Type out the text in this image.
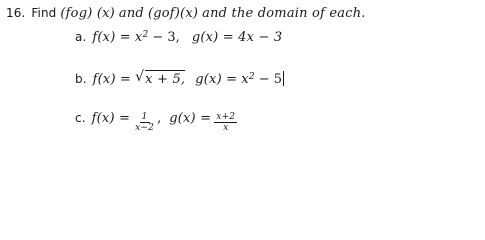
16. Find (fog) (x) and (gof)(x) and the domain of each.
a. $f(x) = x^2 - 3$, g(x) = 4x − 3
b. f(x) = √ x + 5, $g(x) = x^2 - 5$
c. $f(x) = \frac{1}{x-2}$ , $g(x) = \frac{x+2}{x}$
